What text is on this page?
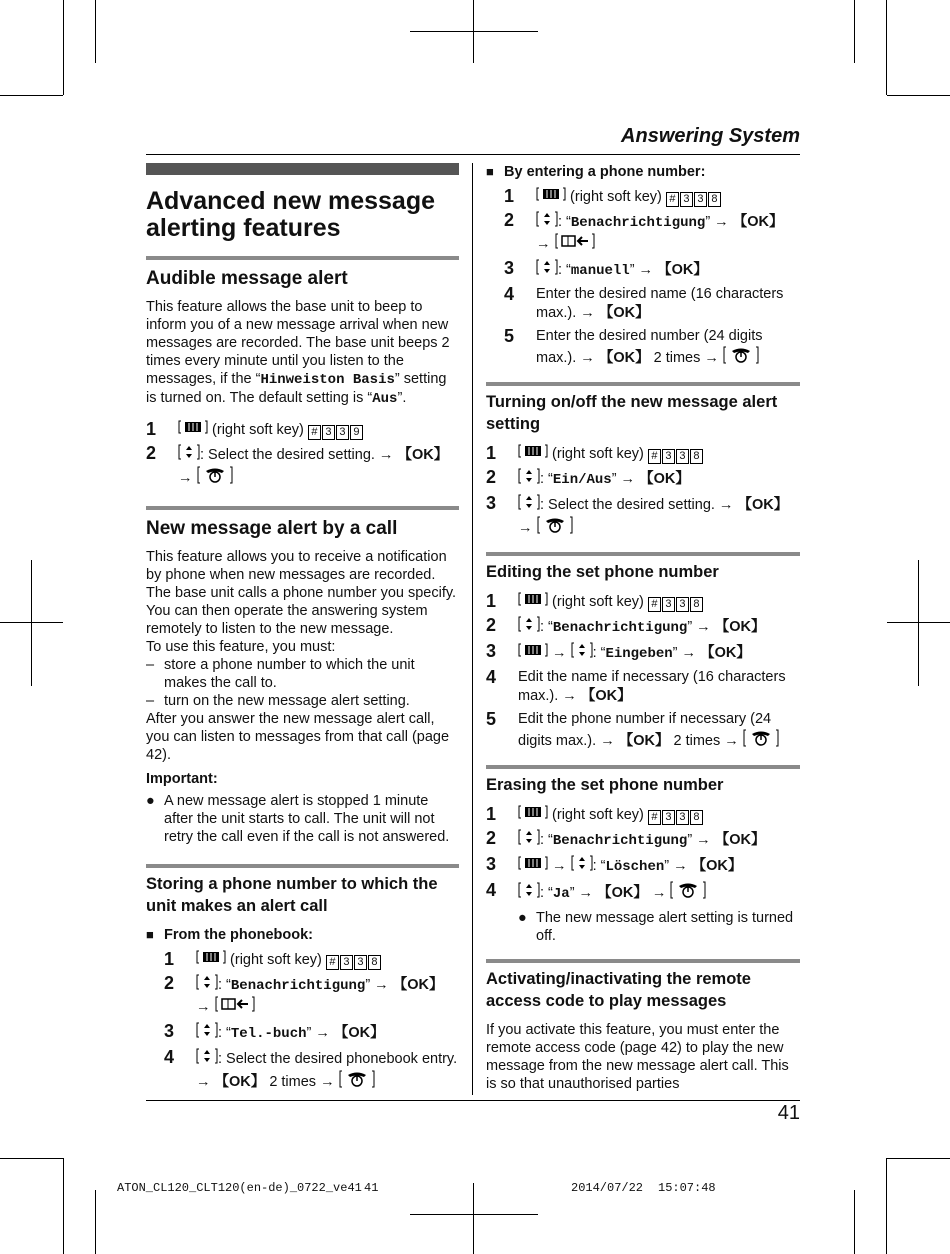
Answering System
Advanced new message alerting features
Audible message alert

This feature allows the base unit to beep to inform you of a new message arrival when new messages are recorded. The base unit beeps 2 times every minute until you listen to the messages, if the “Hinweiston Basis” setting is turned on. The default setting is “Aus”.

1	(right soft key) # 3 3 9
2	: Select the desired setting. → 【OK】
→
New message alert by a call

This feature allows you to receive a notification by phone when new messages are recorded. The base unit calls a phone number you specify. You can then operate the answering system remotely to listen to the new message.

To use this feature, you must:

– store a phone number to which the unit makes the call to.
– turn on the new message alert setting.

After you answer the new message alert call, you can listen to messages from that call (page 42).

Important:
● A new message alert is stopped 1 minute after the unit starts to call. The unit will not retry the call even if the call is not answered.
Storing a phone number to which the unit makes an alert call
■ From the phonebook:
1	(right soft key) # 3 3 8
2	: “Benachrichtigung” → 【OK】
→
3	: “Tel.-buch” → 【OK】
4	: Select the desired phonebook entry. → 【OK】 2 times →
■ By entering a phone number:
1	(right soft key) # 3 3 8
2	: “Benachrichtigung” → 【OK】
→
3	: “manuell” → 【OK】
4	Enter the desired name (16 characters max.). → 【OK】
5	Enter the desired number (24 digits max.). → 【OK】 2 times →
Turning on/off the new message alert setting
1	(right soft key) # 3 3 8
2	: “Ein/Aus” → 【OK】
3	: Select the desired setting. → 【OK】
→
Editing the set phone number
1	(right soft key) # 3 3 8
2	: “Benachrichtigung” → 【OK】
3	→ : “Eingeben” → 【OK】
4	Edit the name if necessary (16 characters max.). → 【OK】
5	Edit the phone number if necessary (24 digits max.). → 【OK】 2 times →
Erasing the set phone number
1	(right soft key) # 3 3 8
2	: “Benachrichtigung” → 【OK】
3	→ : “Löschen” → 【OK】
4	: “Ja” → 【OK】 →
● The new message alert setting is turned off.
Activating/inactivating the remote access code to play messages

If you activate this feature, you must enter the remote access code (page 42) to play the new message from the new message alert call. This is so that unauthorised parties

41
ATON_CL120_CLT120(en-de)_0722_ve41 41	2014/07/22 15:07:48
